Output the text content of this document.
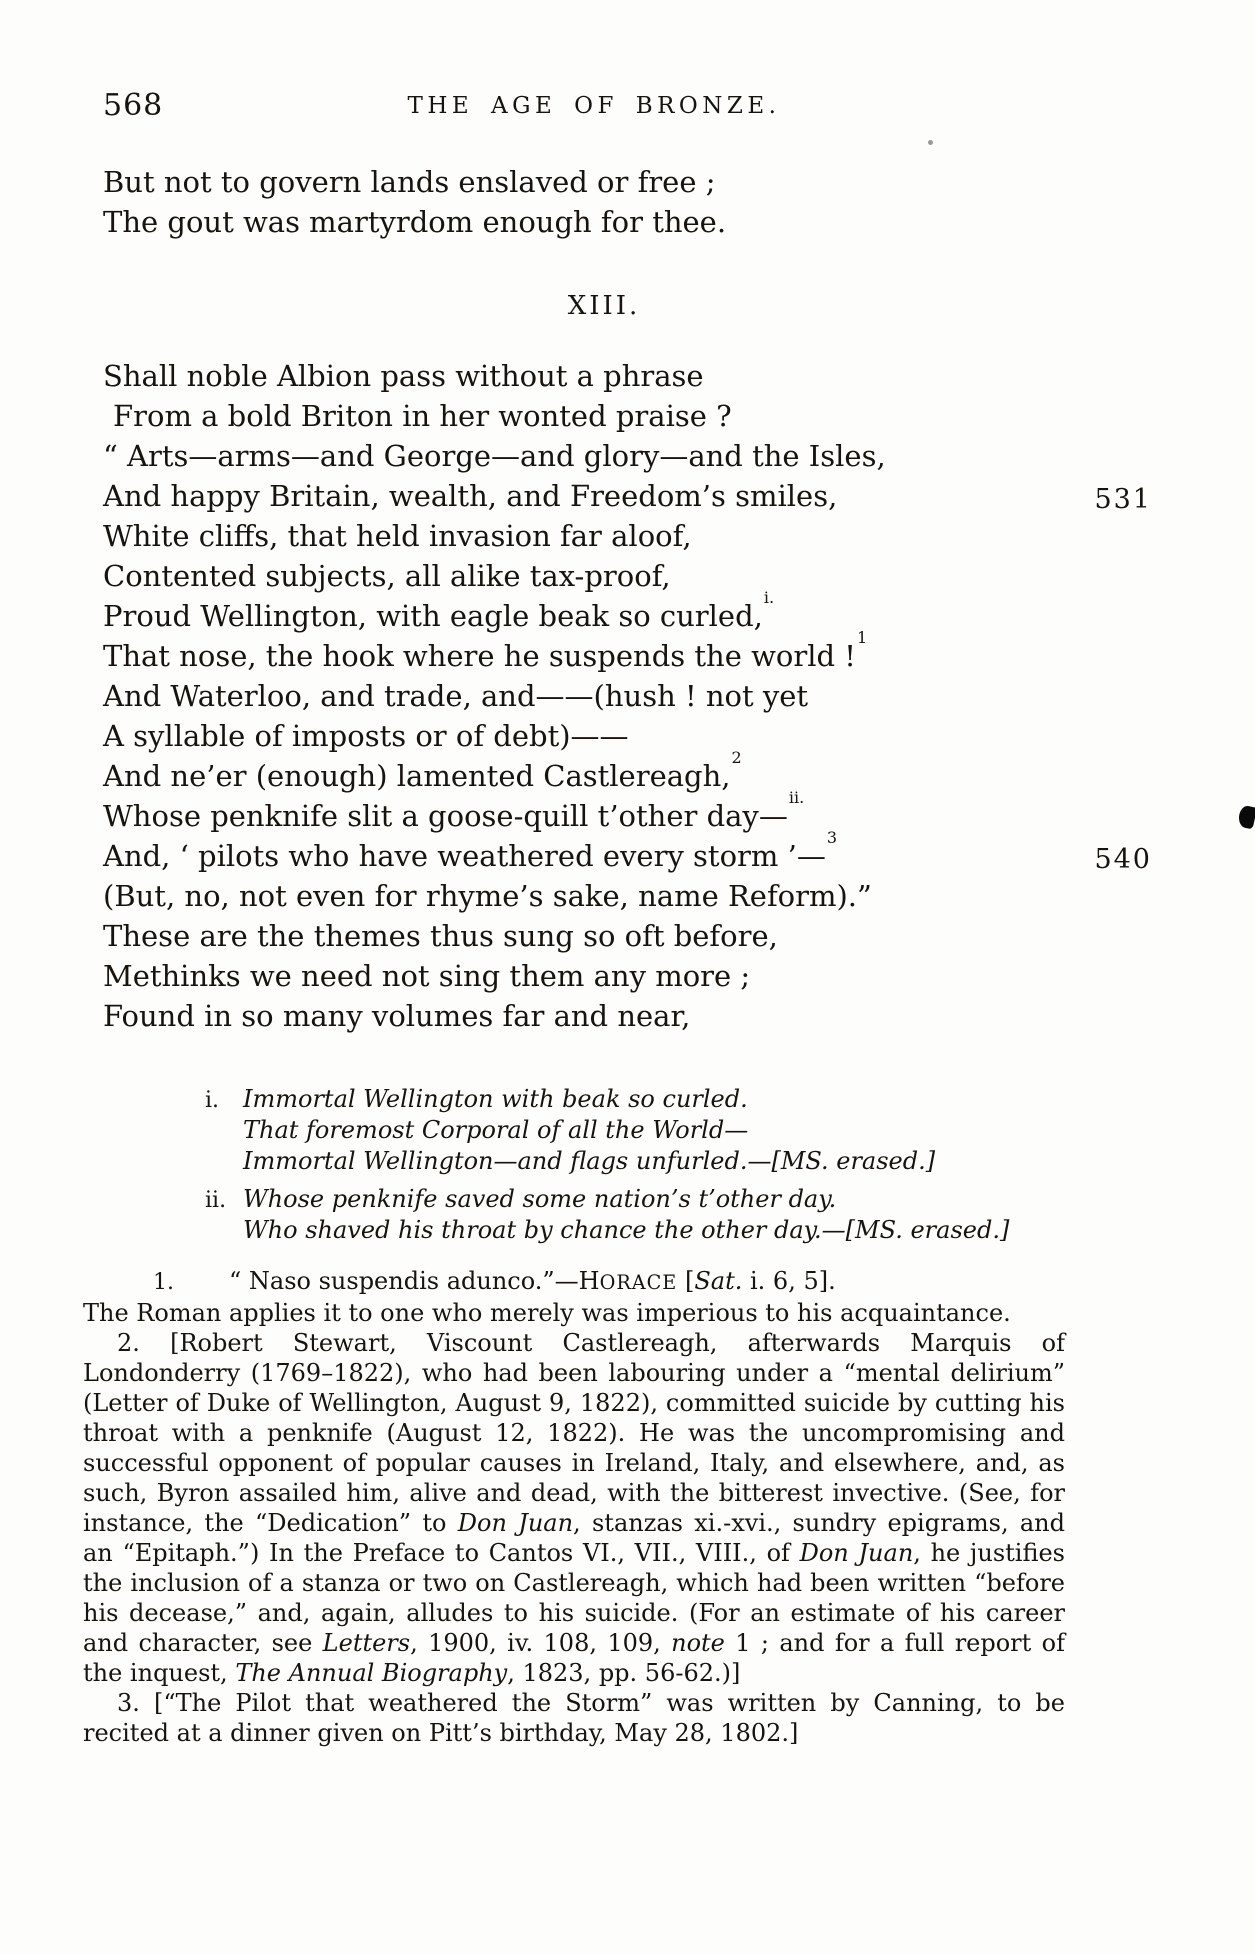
568	THE AGE OF BRONZE.
But not to govern lands enslaved or free ;
The gout was martyrdom enough for thee.
XIII.
Shall noble Albion pass without a phrase
From a bold Briton in her wonted praise ?
“ Arts—arms—and George—and glory—and the Isles,
And happy Britain, wealth, and Freedom’s smiles,	531
White cliffs, that held invasion far aloof,
Contented subjects, all alike tax-proof,
Proud Wellington, with eagle beak so curled,$^{i.}$
That nose, the hook where he suspends the world !$^1$
And Waterloo, and trade, and——(hush ! not yet
A syllable of imposts or of debt)——
And ne’er (enough) lamented Castlereagh,$^2$
Whose penknife slit a goose-quill t’other day—$^{ii.}$
And, ‘ pilots who have weathered every storm ’—$^3$
540
(But, no, not even for rhyme’s sake, name Reform).”
These are the themes thus sung so oft before,
Methinks we need not sing them any more ;
Found in so many volumes far and near,
i. Immortal Wellington with beak so curled.
That foremost Corporal of all the World—
Immortal Wellington—and flags unfurled.—[MS. erased.]
ii. Whose penknife saved some nation’s t’other day.
Who shaved his throat by chance the other day.—[MS. erased.]
1. “ Naso suspendis adunco.”—HORACE [Sat. i. 6, 5].

The Roman applies it to one who merely was imperious to his acquaintance.

2. [Robert Stewart, Viscount Castlereagh, afterwards Marquis of Londonderry (1769–1822), who had been labouring under a “mental delirium” (Letter of Duke of Wellington, August 9, 1822), committed suicide by cutting his throat with a penknife (August 12, 1822). He was the uncompromising and successful opponent of popular causes in Ireland, Italy, and elsewhere, and, as such, Byron assailed him, alive and dead, with the bitterest invective. (See, for instance, the “Dedication” to Don Juan, stanzas xi.-xvi., sundry epigrams, and an “Epitaph.”) In the Preface to Cantos VI., VII., VIII., of Don Juan, he justifies the inclusion of a stanza or two on Castlereagh, which had been written “before his decease,” and, again, alludes to his suicide. (For an estimate of his career and character, see Letters, 1900, iv. 108, 109, note 1 ; and for a full report of the inquest, The Annual Biography, 1823, pp. 56-62.)]

3. [“The Pilot that weathered the Storm” was written by Canning, to be recited at a dinner given on Pitt’s birthday, May 28, 1802.]
